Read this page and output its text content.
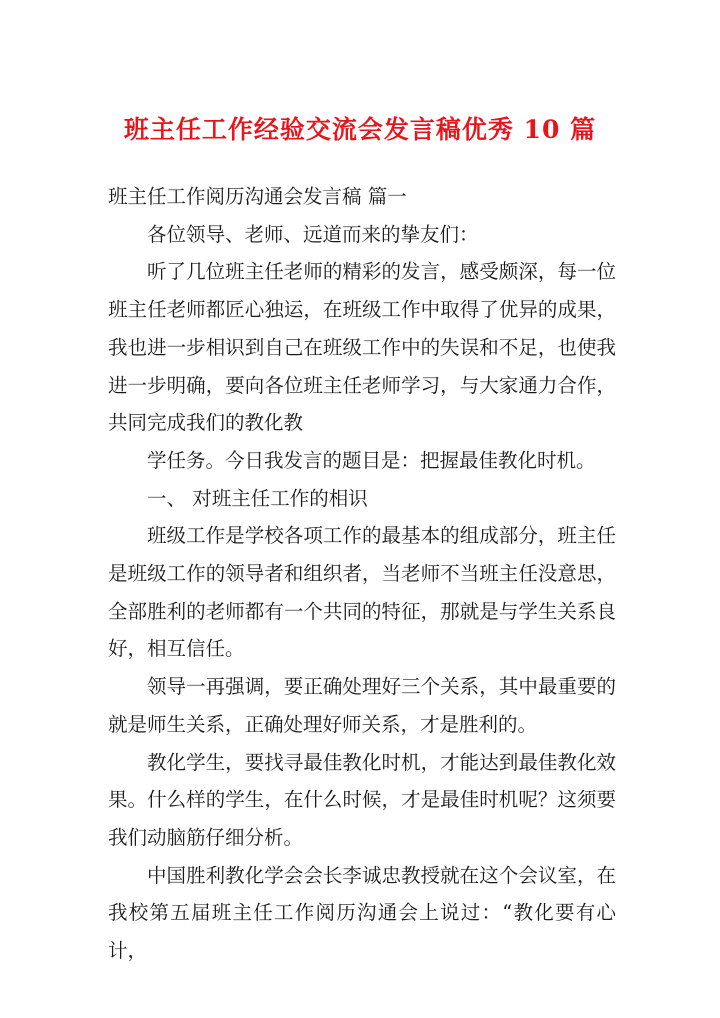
班主任工作经验交流会发言稿优秀 10 篇

班主任工作阅历沟通会发言稿 篇一

各位领导、老师、远道而来的挚友们：

听了几位班主任老师的精彩的发言，感受颇深，每一位班主任老师都匠心独运，在班级工作中取得了优异的成果，我也进一步相识到自己在班级工作中的失误和不足，也使我进一步明确，要向各位班主任老师学习，与大家通力合作，共同完成我们的教化教

学任务。今日我发言的题目是：把握最佳教化时机。

一、 对班主任工作的相识

班级工作是学校各项工作的最基本的组成部分，班主任是班级工作的领导者和组织者，当老师不当班主任没意思，全部胜利的老师都有一个共同的特征，那就是与学生关系良好，相互信任。

领导一再强调，要正确处理好三个关系，其中最重要的就是师生关系，正确处理好师关系，才是胜利的。

教化学生，要找寻最佳教化时机，才能达到最佳教化效果。什么样的学生，在什么时候，才是最佳时机呢？这须要我们动脑筋仔细分析。

中国胜利教化学会会长李诚忠教授就在这个会议室，在我校第五届班主任工作阅历沟通会上说过：“教化要有心计，
